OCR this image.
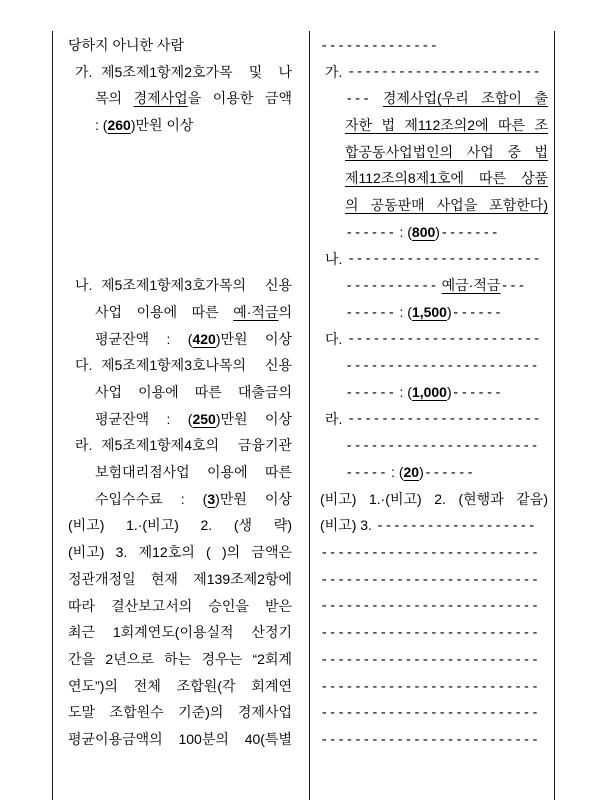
당하지 아니한 사람
가. 제5조제1항제2호가목 및 나
목의 경제사업을 이용한 금액
: (260)만원 이상
나. 제5조제1항제3호가목의 신용
사업 이용에 따른 예·적금의
평균잔액 : (420)만원 이상
다. 제5조제1항제3호나목의 신용
사업 이용에 따른 대출금의
평균잔액 : (250)만원 이상
라. 제5조제1항제4호의 금융기관
보험대리점사업 이용에 따른
수입수수료 : (3)만원 이상
(비고) 1.·(비고) 2. (생 략)
(비고) 3. 제12호의 ( )의 금액은
정관개정일 현재 제139조제2항에
따라 결산보고서의 승인을 받은
최근 1회계연도(이용실적 산정기
간을 2년으로 하는 경우는 “2회계
연도”)의 전체 조합원(각 회계연
도말 조합원수 기준)의 경제사업
평균이용금액의 100분의 40(특별
--------------
가. -----------------------
--- 경제사업(우리 조합이 출
자한 법 제112조의2에 따른 조
합공동사업법인의 사업 중 법
제112조의8제1호에 따른 상품
의 공동판매 사업을 포함한다)
------ : (800)-------
나. -----------------------
----------- 예금·적금---
------ : (1,500)------
다. -----------------------
-----------------------
------ : (1,000)------
라. -----------------------
-----------------------
----- : (20)------
(비고) 1.·(비고) 2. (현행과 같음)
(비고) 3. -------------------
--------------------------
--------------------------
--------------------------
--------------------------
--------------------------
--------------------------
--------------------------
--------------------------
